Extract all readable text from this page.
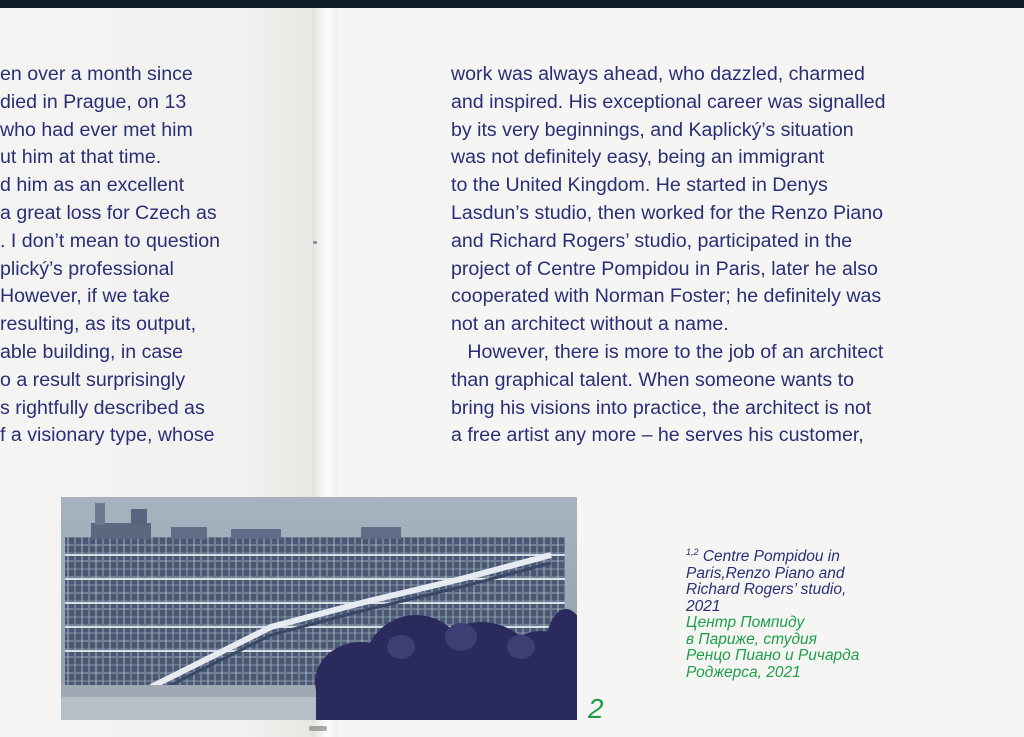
en over a month since
died in Prague, on 13
who had ever met him
ut him at that time.
d him as an excellent
a great loss for Czech as
. I don’t mean to question
plický’s professional
However, if we take
resulting, as its output,
able building, in case
o a result surprisingly
s rightfully described as
f a visionary type, whose

work was always ahead, who dazzled, charmed
and inspired. His exceptional career was signalled
by its very beginnings, and Kaplický’s situation
was not definitely easy, being an immigrant
to the United Kingdom. He started in Denys
Lasdun’s studio, then worked for the Renzo Piano
and Richard Rogers’ studio, participated in the
project of Centre Pompidou in Paris, later he also
cooperated with Norman Foster; he definitely was
not an architect without a name.
However, there is more to the job of an architect
than graphical talent. When someone wants to
bring his visions into practice, the architect is not
a free artist any more – he serves his customer,

$^{1,2}$ Centre Pompidou in
Paris,Renzo Piano and
Richard Rogers’ studio,
2021
Центр Помпиду
в Париже, студия
Ренцо Пиано и Ричарда
Роджерса, 2021
2
